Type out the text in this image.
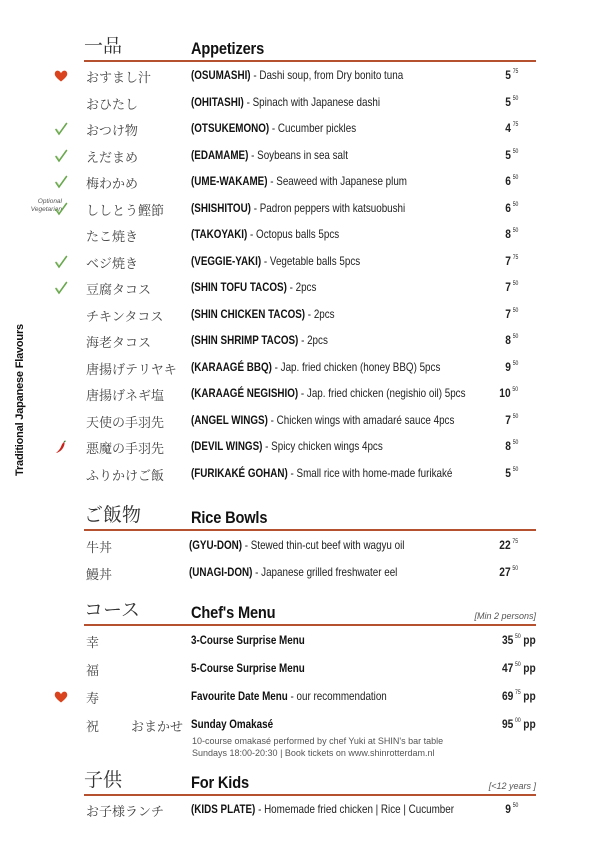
Traditional Japanese Flavours
一品	Appetizers
Optional
Vegetarian
おすまし汁	(OSUMASHI) - Dashi soup, from Dry bonito tuna	5 $^{75}$
おひたし	(OHITASHI) - Spinach with Japanese dashi	5 $^{50}$
おつけ物	(OTSUKEMONO) - Cucumber pickles	4 $^{75}$
えだまめ	(EDAMAME) - Soybeans in sea salt	5 $^{50}$
梅わかめ	(UME-WAKAME) - Seaweed with Japanese plum	6 $^{50}$
ししとう鰹節 (SHISHITOU) - Padron peppers with katsuobushi	6 $^{50}$
たこ焼き	(TAKOYAKI) - Octopus balls 5pcs	8 $^{50}$
ベジ焼き	(VEGGIE-YAKI) - Vegetable balls 5pcs	7 $^{75}$
豆腐タコス	(SHIN TOFU TACOS) - 2pcs	7 $^{50}$
チキンタコス (SHIN CHICKEN TACOS) - 2pcs	7 $^{50}$
海老タコス	(SHIN SHRIMP TACOS) - 2pcs	8 $^{50}$
唐揚げテリヤキ (KARAAGÉ BBQ) - Jap. fried chicken (honey BBQ) 5pcs	9 $^{50}$
唐揚げネギ塩 (KARAAGÉ NEGISHIO) - Jap. fried chicken (negishio oil) 5pcs	10 $^{50}$
天使の手羽先 (ANGEL WINGS) - Chicken wings with amadaré sauce 4pcs	7 $^{50}$
悪魔の手羽先 (DEVIL WINGS) - Spicy chicken wings 4pcs	8 $^{50}$
ふりかけご飯 (FURIKAKÉ GOHAN) - Small rice with home-made furikaké	5 $^{50}$
ご飯物	Rice Bowls
牛丼	(GYU-DON) - Stewed thin-cut beef with wagyu oil	22 $^{75}$
鰻丼	(UNAGI-DON) - Japanese grilled freshwater eel	27 $^{50}$
コース	Chef's Menu	[Min 2 persons]
幸	3-Course Surprise Menu	35 $^{50}$ pp
福	5-Course Surprise Menu	47 $^{50}$ pp
寿	Favourite Date Menu - our recommendation	69 $^{75}$ pp
祝 おまかせ Sunday Omakasé	95 $^{00}$ pp
10-course omakasé performed by chef Yuki at SHIN's bar table
Sundays 18:00-20:30 | Book tickets on www.shinrotterdam.nl
子供	For Kids	[<12 years ]
お子様ランチ (KIDS PLATE) - Homemade fried chicken | Rice | Cucumber	9 $^{50}$
